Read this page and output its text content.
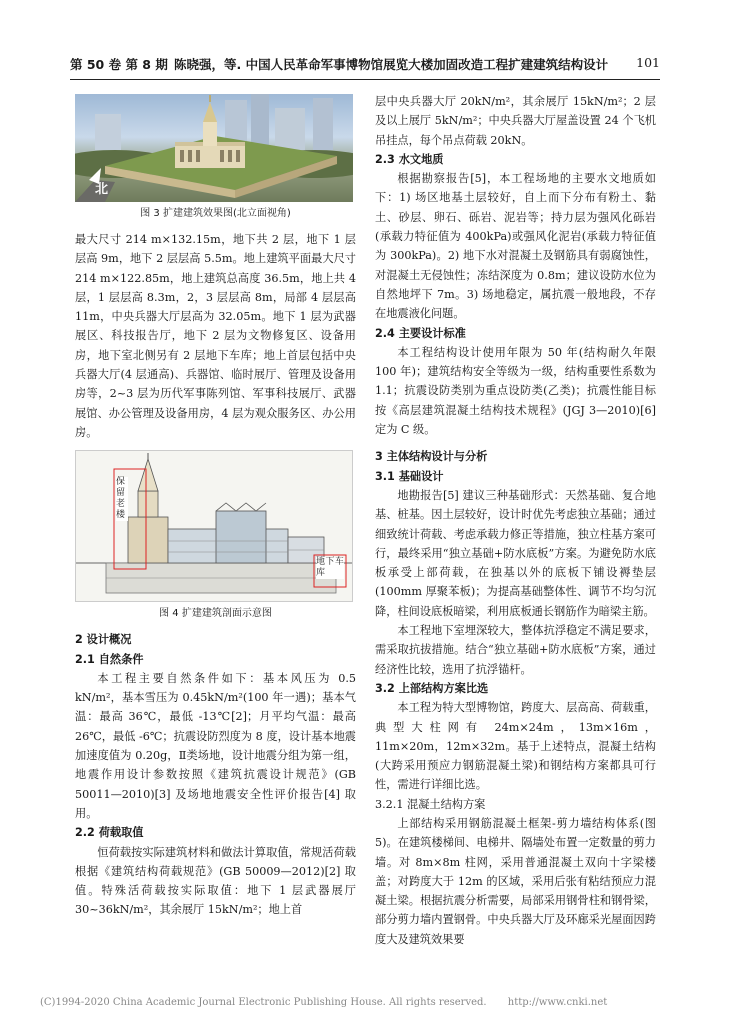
第 50 卷 第 8 期 陈晓强，等. 中国人民革命军事博物馆展览大楼加固改造工程扩建建筑结构设计 101
北
图 3 扩建建筑效果图(北立面视角)

最大尺寸 214 m×132.15m，地下共 2 层，地下 1 层层高 9m，地下 2 层层高 5.5m。地上建筑平面最大尺寸 214 m×122.85m，地上建筑总高度 36.5m，地上共 4 层，1 层层高 8.3m，2，3 层层高 8m，局部 4 层层高 11m，中央兵器大厅层高为 32.05m。地下 1 层为武器展区、科技报告厅，地下 2 层为文物修复区、设备用房，地下室北侧另有 2 层地下车库；地上首层包括中央兵器大厅(4 层通高)、兵器馆、临时展厅、管理及设备用房等，2~3 层为历代军事陈列馆、军事科技展厅、武器展馆、办公管理及设备用房，4 层为观众服务区、办公用房。

保留老楼
地下车库
图 4 扩建建筑剖面示意图
2 设计概况
2.1 自然条件

本工程主要自然条件如下：基本风压为 0.5 kN/m²，基本雪压为 0.45kN/m²(100 年一遇)；基本气温：最高 36℃，最低 -13℃[2]；月平均气温：最高 26℃，最低 -6℃；抗震设防烈度为 8 度，设计基本地震加速度值为 0.20g，Ⅱ类场地，设计地震分组为第一组，地震作用设计参数按照《建筑抗震设计规范》(GB 50011—2010)[3] 及场地地震安全性评价报告[4] 取用。

2.2 荷载取值

恒荷载按实际建筑材料和做法计算取值，常规活荷载根据《建筑结构荷载规范》(GB 50009—2012)[2] 取值。特殊活荷载按实际取值：地下 1 层武器展厅 30~36kN/m²，其余展厅 15kN/m²；地上首

层中央兵器大厅 20kN/m²，其余展厅 15kN/m²；2 层及以上展厅 5kN/m²；中央兵器大厅屋盖设置 24 个飞机吊挂点，每个吊点荷载 20kN。

2.3 水文地质

根据勘察报告[5]，本工程场地的主要水文地质如下：1) 场区地基土层较好，自上而下分布有粉土、黏土、砂层、卵石、砾岩、泥岩等；持力层为强风化砾岩(承载力特征值为 400kPa)或强风化泥岩(承载力特征值为 300kPa)。2) 地下水对混凝土及钢筋具有弱腐蚀性，对混凝土无侵蚀性；冻结深度为 0.8m；建议设防水位为自然地坪下 7m。3) 场地稳定，属抗震一般地段，不存在地震液化问题。

2.4 主要设计标准

本工程结构设计使用年限为 50 年(结构耐久年限 100 年)；建筑结构安全等级为一级，结构重要性系数为 1.1；抗震设防类别为重点设防类(乙类)；抗震性能目标按《高层建筑混凝土结构技术规程》(JGJ 3—2010)[6] 定为 C 级。

3 主体结构设计与分析
3.1 基础设计

地勘报告[5] 建议三种基础形式：天然基础、复合地基、桩基。因土层较好，设计时优先考虑独立基础；通过细致统计荷载、考虑承载力修正等措施，独立柱基方案可行，最终采用“独立基础+防水底板”方案。为避免防水底板承受上部荷载，在独基以外的底板下铺设褥垫层(100mm 厚聚苯板)；为提高基础整体性、调节不均匀沉降，柱间设底板暗梁，利用底板通长钢筋作为暗梁主筋。

本工程地下室埋深较大，整体抗浮稳定不满足要求，需采取抗拔措施。结合“独立基础+防水底板”方案，通过经济性比较，选用了抗浮锚杆。

3.2 上部结构方案比选

本工程为特大型博物馆，跨度大、层高高、荷载重，典型大柱网有 24m×24m，13m×16m，11m×20m，12m×32m。基于上述特点，混凝土结构(大跨采用预应力钢筋混凝土梁)和钢结构方案都具可行性，需进行详细比选。

3.2.1 混凝土结构方案

上部结构采用钢筋混凝土框架-剪力墙结构体系(图 5)。在建筑楼梯间、电梯井、隔墙处布置一定数量的剪力墙。对 8m×8m 柱网，采用普通混凝土双向十字梁楼盖；对跨度大于 12m 的区域，采用后张有粘结预应力混凝土梁。根据抗震分析需要，局部采用钢骨柱和钢骨梁，部分剪力墙内置钢骨。中央兵器大厅及环廊采光屋面因跨度大及建筑效果要

(C)1994-2020 China Academic Journal Electronic Publishing House. All rights reserved. http://www.cnki.net
